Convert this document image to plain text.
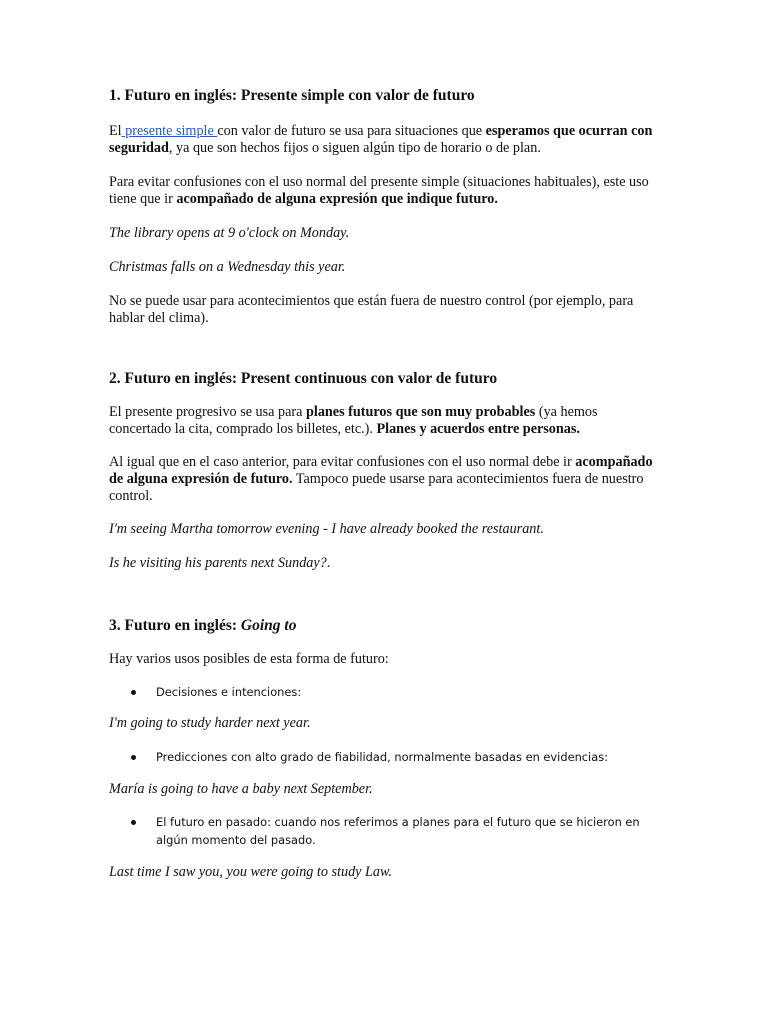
1. Futuro en inglés: Presente simple con valor de futuro

El presente simple con valor de futuro se usa para situaciones que esperamos que ocurran con seguridad, ya que son hechos fijos o siguen algún tipo de horario o de plan.

Para evitar confusiones con el uso normal del presente simple (situaciones habituales), este uso tiene que ir acompañado de alguna expresión que indique futuro.

The library opens at 9 o'clock on Monday.

Christmas falls on a Wednesday this year.

No se puede usar para acontecimientos que están fuera de nuestro control (por ejemplo, para hablar del clima).

2. Futuro en inglés: Present continuous con valor de futuro

El presente progresivo se usa para planes futuros que son muy probables (ya hemos concertado la cita, comprado los billetes, etc.). Planes y acuerdos entre personas.

Al igual que en el caso anterior, para evitar confusiones con el uso normal debe ir acompañado de alguna expresión de futuro. Tampoco puede usarse para acontecimientos fuera de nuestro control.

I'm seeing Martha tomorrow evening - I have already booked the restaurant.

Is he visiting his parents next Sunday?.

3. Futuro en inglés: Going to

Hay varios usos posibles de esta forma de futuro:

Decisiones e intenciones:

I'm going to study harder next year.

Predicciones con alto grado de fiabilidad, normalmente basadas en evidencias:

María is going to have a baby next September.

El futuro en pasado: cuando nos referimos a planes para el futuro que se hicieron en algún momento del pasado.

Last time I saw you, you were going to study Law.
